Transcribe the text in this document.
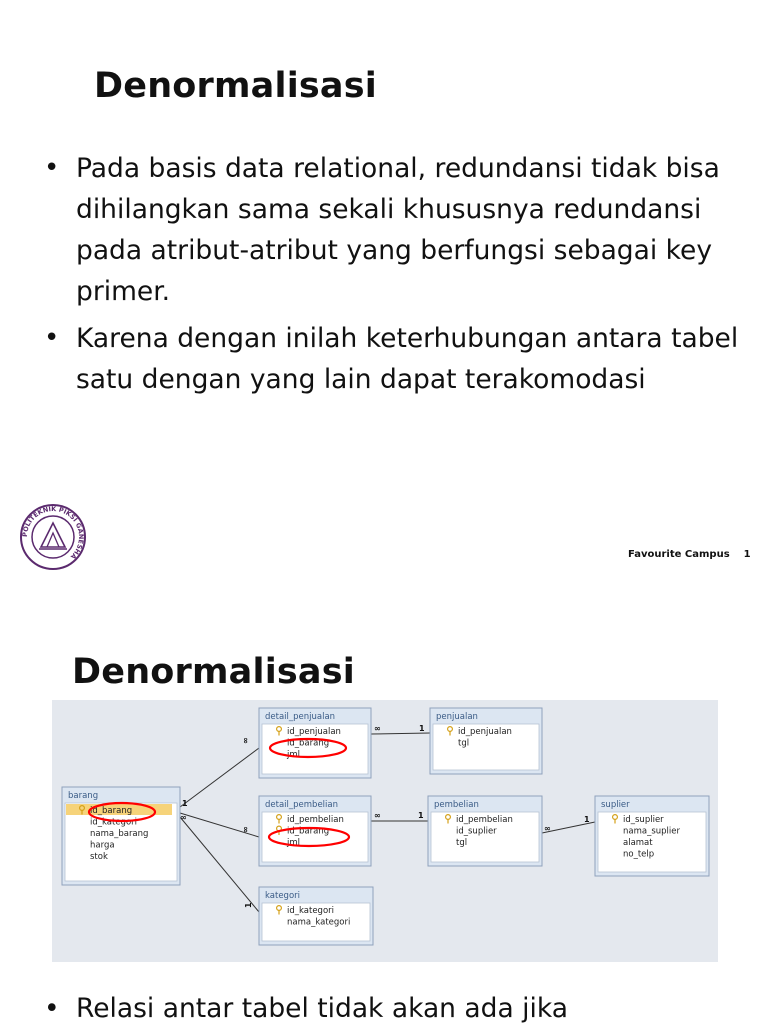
Denormalisasi
• Pada basis data relational, redundansi tidak bisa dihilangkan sama sekali khususnya redundansi pada atribut-atribut yang berfungsi sebagai key primer.
• Karena dengan inilah keterhubungan antara tabel satu dengan yang lain dapat terakomodasi
POLITEKNIK PIKSI GANESHA	Favourite Campus 1
Denormalisasi
1
∞
∞
∞
1
∞	1
∞	1
∞
1
barang
id_barang
id_kategori
nama_barang
harga
stok
detail_penjualan
id_penjualan
id_barang
jml
penjualan
id_penjualan
tgl
detail_pembelian
id_pembelian
id_barang
jml
pembelian
id_pembelian
id_suplier
tgl
suplier
id_suplier
nama_suplier
alamat
no_telp
kategori
id_kategori
nama_kategori
• Relasi antar tabel tidak akan ada jika
